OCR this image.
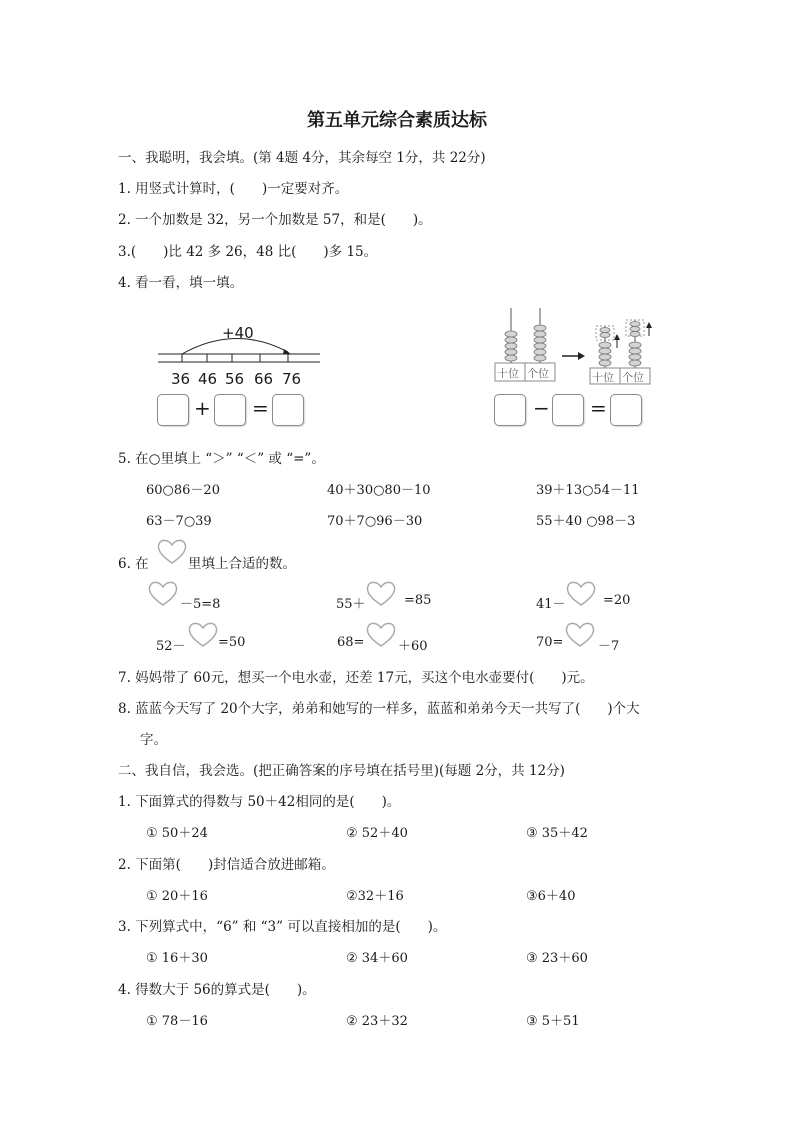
第五单元综合素质达标
一、我聪明，我会填。(第 4题 4分，其余每空 1分，共 22分)
1. 用竖式计算时，(　　)一定要对齐。
2. 一个加数是 32，另一个加数是 57，和是(　　)。
3.(　　)比 42 多 26，48 比(　　)多 15。
4. 看一看，填一填。
+40
36 46 56 66 76
+ =
十位 个位	十位 个位
− =
5. 在○里填上 “＞” “＜” 或 “=”。
60○86－20	40＋30○80－10	39＋13○54－11
63－7○39	70＋7○96－30	55＋40 ○98－3
6. 在	里填上合适的数。
－5=8	55＋	=85	41－	=20
52－ =50	68=	＋60	70=	－7
7. 妈妈带了 60元，想买一个电水壶，还差 17元，买这个电水壶要付(　　)元。
8. 蓝蓝今天写了 20个大字，弟弟和她写的一样多，蓝蓝和弟弟今天一共写了(　　)个大
字。
二、我自信，我会选。(把正确答案的序号填在括号里)(每题 2分，共 12分)
1. 下面算式的得数与 50＋42相同的是(　　)。
① 50＋24	② 52＋40	③ 35＋42
2. 下面第(　　)封信适合放进邮箱。
① 20＋16	②32＋16	③6＋40
3. 下列算式中，“6” 和 “3” 可以直接相加的是(　　)。
① 16＋30	② 34＋60	③ 23＋60
4. 得数大于 56的算式是(　　)。
① 78－16	② 23＋32	③ 5＋51
